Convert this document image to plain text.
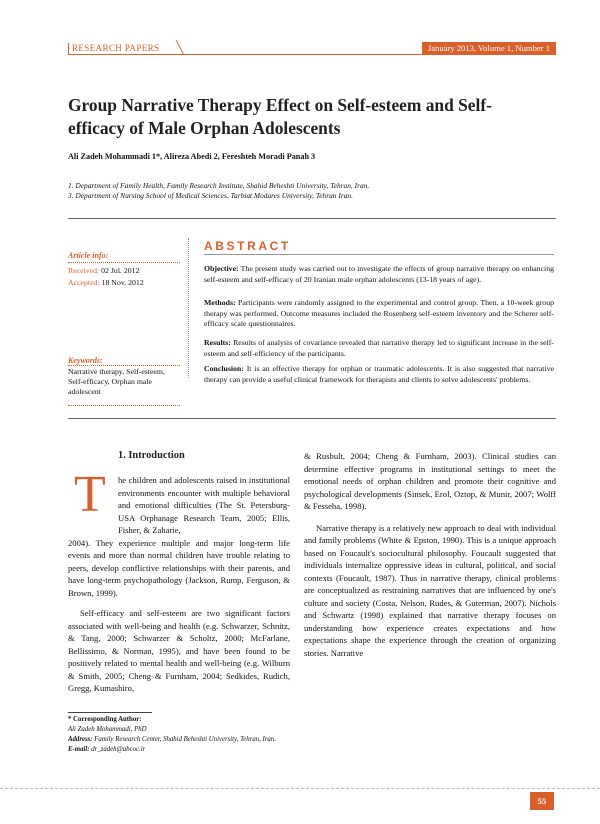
RESEARCH PAPERS ╲	January 2013, Volume 1, Number 1
Group Narrative Therapy Effect on Self-esteem and Self-efficacy of Male Orphan Adolescents
Ali Zadeh Mohammadi 1*, Alireza Abedi 2, Fereshteh Moradi Panah 3
1. Department of Family Health, Family Research Institute, Shahid Beheshti University, Tehran, Iran.
3. Department of Nursing School of Medical Sciences, Tarbiat Modares University, Tehran Iran.
Article info:
Received: 02 Jul. 2012
Accepted: 18 Nov. 2012
Keywords:
Narrative therapy, Self-esteem, Self-efficacy, Orphan male adolescent
ABSTRACT
Objective: The present study was carried out to investigate the effects of group narrative therapy on enhancing self-esteem and self-efficacy of 20 Iranian male orphan adolescents (13-18 years of age).
Methods: Participants were randomly assigned to the experimental and control group. Then, a 10-week group therapy was performed. Outcome measures included the Rosenberg self-esteem inventory and the Scherer self-efficacy scale questionnaires.
Results: Results of analysis of covariance revealed that narrative therapy led to significant increase in the self-esteem and self-efficiency of the participants.
Conclusion: It is an effective therapy for orphan or traumatic adolescents. It is also suggested that narrative therapy can provide a useful clinical framework for therapists and clients to solve adolescents' problems.
1. Introduction
T he children and adolescents raised in institutional environments encounter with multiple behavioral and emotional difficulties (The St. Petersburg-USA Orphanage Research Team, 2005; Ellis, Fisher, & Zaharie,
2004). They experience multiple and major long-term life events and more than normal children have trouble relating to peers, develop conflictive relationships with their parents, and have long-term psychopathology (Jackson, Rump, Ferguson, & Brown, 1999).
Self-efficacy and self-esteem are two significant factors associated with well-being and health (e.g. Schwarzer, Schnitz, & Tang, 2000; Schwarzer & Scholtz, 2000; McFarlane, Bellissimo, & Norman, 1995), and have been found to be positively related to mental health and well-being (e.g. Wilburn & Smith, 2005; Cheng & Furnham, 2004; Sedkides, Rudich, Gregg, Kumashiro,
& Rusbult, 2004; Cheng & Furnham, 2003). Clinical studies can determine effective programs in institutional settings to meet the emotional needs of orphan children and promote their cognitive and psychological developments (Sinsek, Erol, Oztop, & Munir, 2007; Wolff & Fesseha, 1998).
Narrative therapy is a relatively new approach to deal with individual and family problems (White & Epston, 1990). This is a unique approach based on Foucault's sociocultural philosophy. Foucault suggested that individuals internalize oppressive ideas in cultural, political, and social contexts (Foucault, 1987). Thus in narrative therapy, clinical problems are conceptualized as restraining narratives that are influenced by one's culture and society (Costa, Nelson, Rudes, & Guterman, 2007). Nichols and Schwartz (1998) explained that narrative therapy focuses on understanding how experience creates expectations and how expectations shape the experience through the creation of organizing stories. Narrative
* Corresponding Author:
Ali Zadeh Mohammadi, PhD
Address: Family Research Center, Shahid Beheshti University, Tehran, Iran.
E-mail: dr_zadeh@abcoc.ir
55
